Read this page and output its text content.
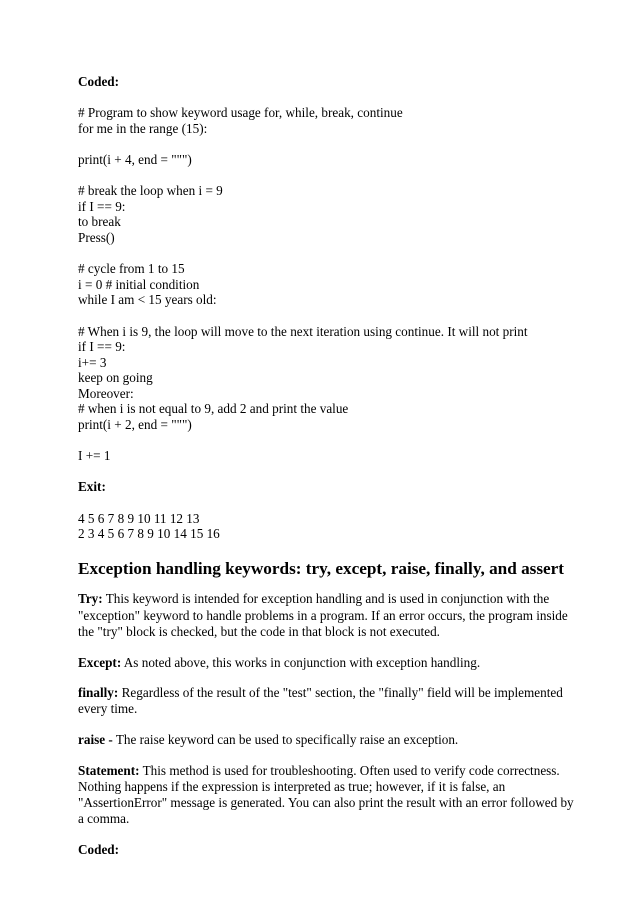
Coded:
# Program to show keyword usage for, while, break, continue
for me in the range (15):
print(i + 4, end = """)
# break the loop when i = 9
if I == 9:
to break
Press()
# cycle from 1 to 15
i = 0 # initial condition
while I am < 15 years old:
# When i is 9, the loop will move to the next iteration using continue. It will not print
if I == 9:
i+= 3
keep on going
Moreover:
# when i is not equal to 9, add 2 and print the value
print(i + 2, end = """)
I += 1
Exit:
4 5 6 7 8 9 10 11 12 13
2 3 4 5 6 7 8 9 10 14 15 16
Exception handling keywords: try, except, raise, finally, and assert

Try: This keyword is intended for exception handling and is used in conjunction with the "exception" keyword to handle problems in a program. If an error occurs, the program inside the "try" block is checked, but the code in that block is not executed.

Except: As noted above, this works in conjunction with exception handling.

finally: Regardless of the result of the "test" section, the "finally" field will be implemented every time.

raise - The raise keyword can be used to specifically raise an exception.

Statement: This method is used for troubleshooting. Often used to verify code correctness. Nothing happens if the expression is interpreted as true; however, if it is false, an "AssertionError" message is generated. You can also print the result with an error followed by a comma.

Coded:
